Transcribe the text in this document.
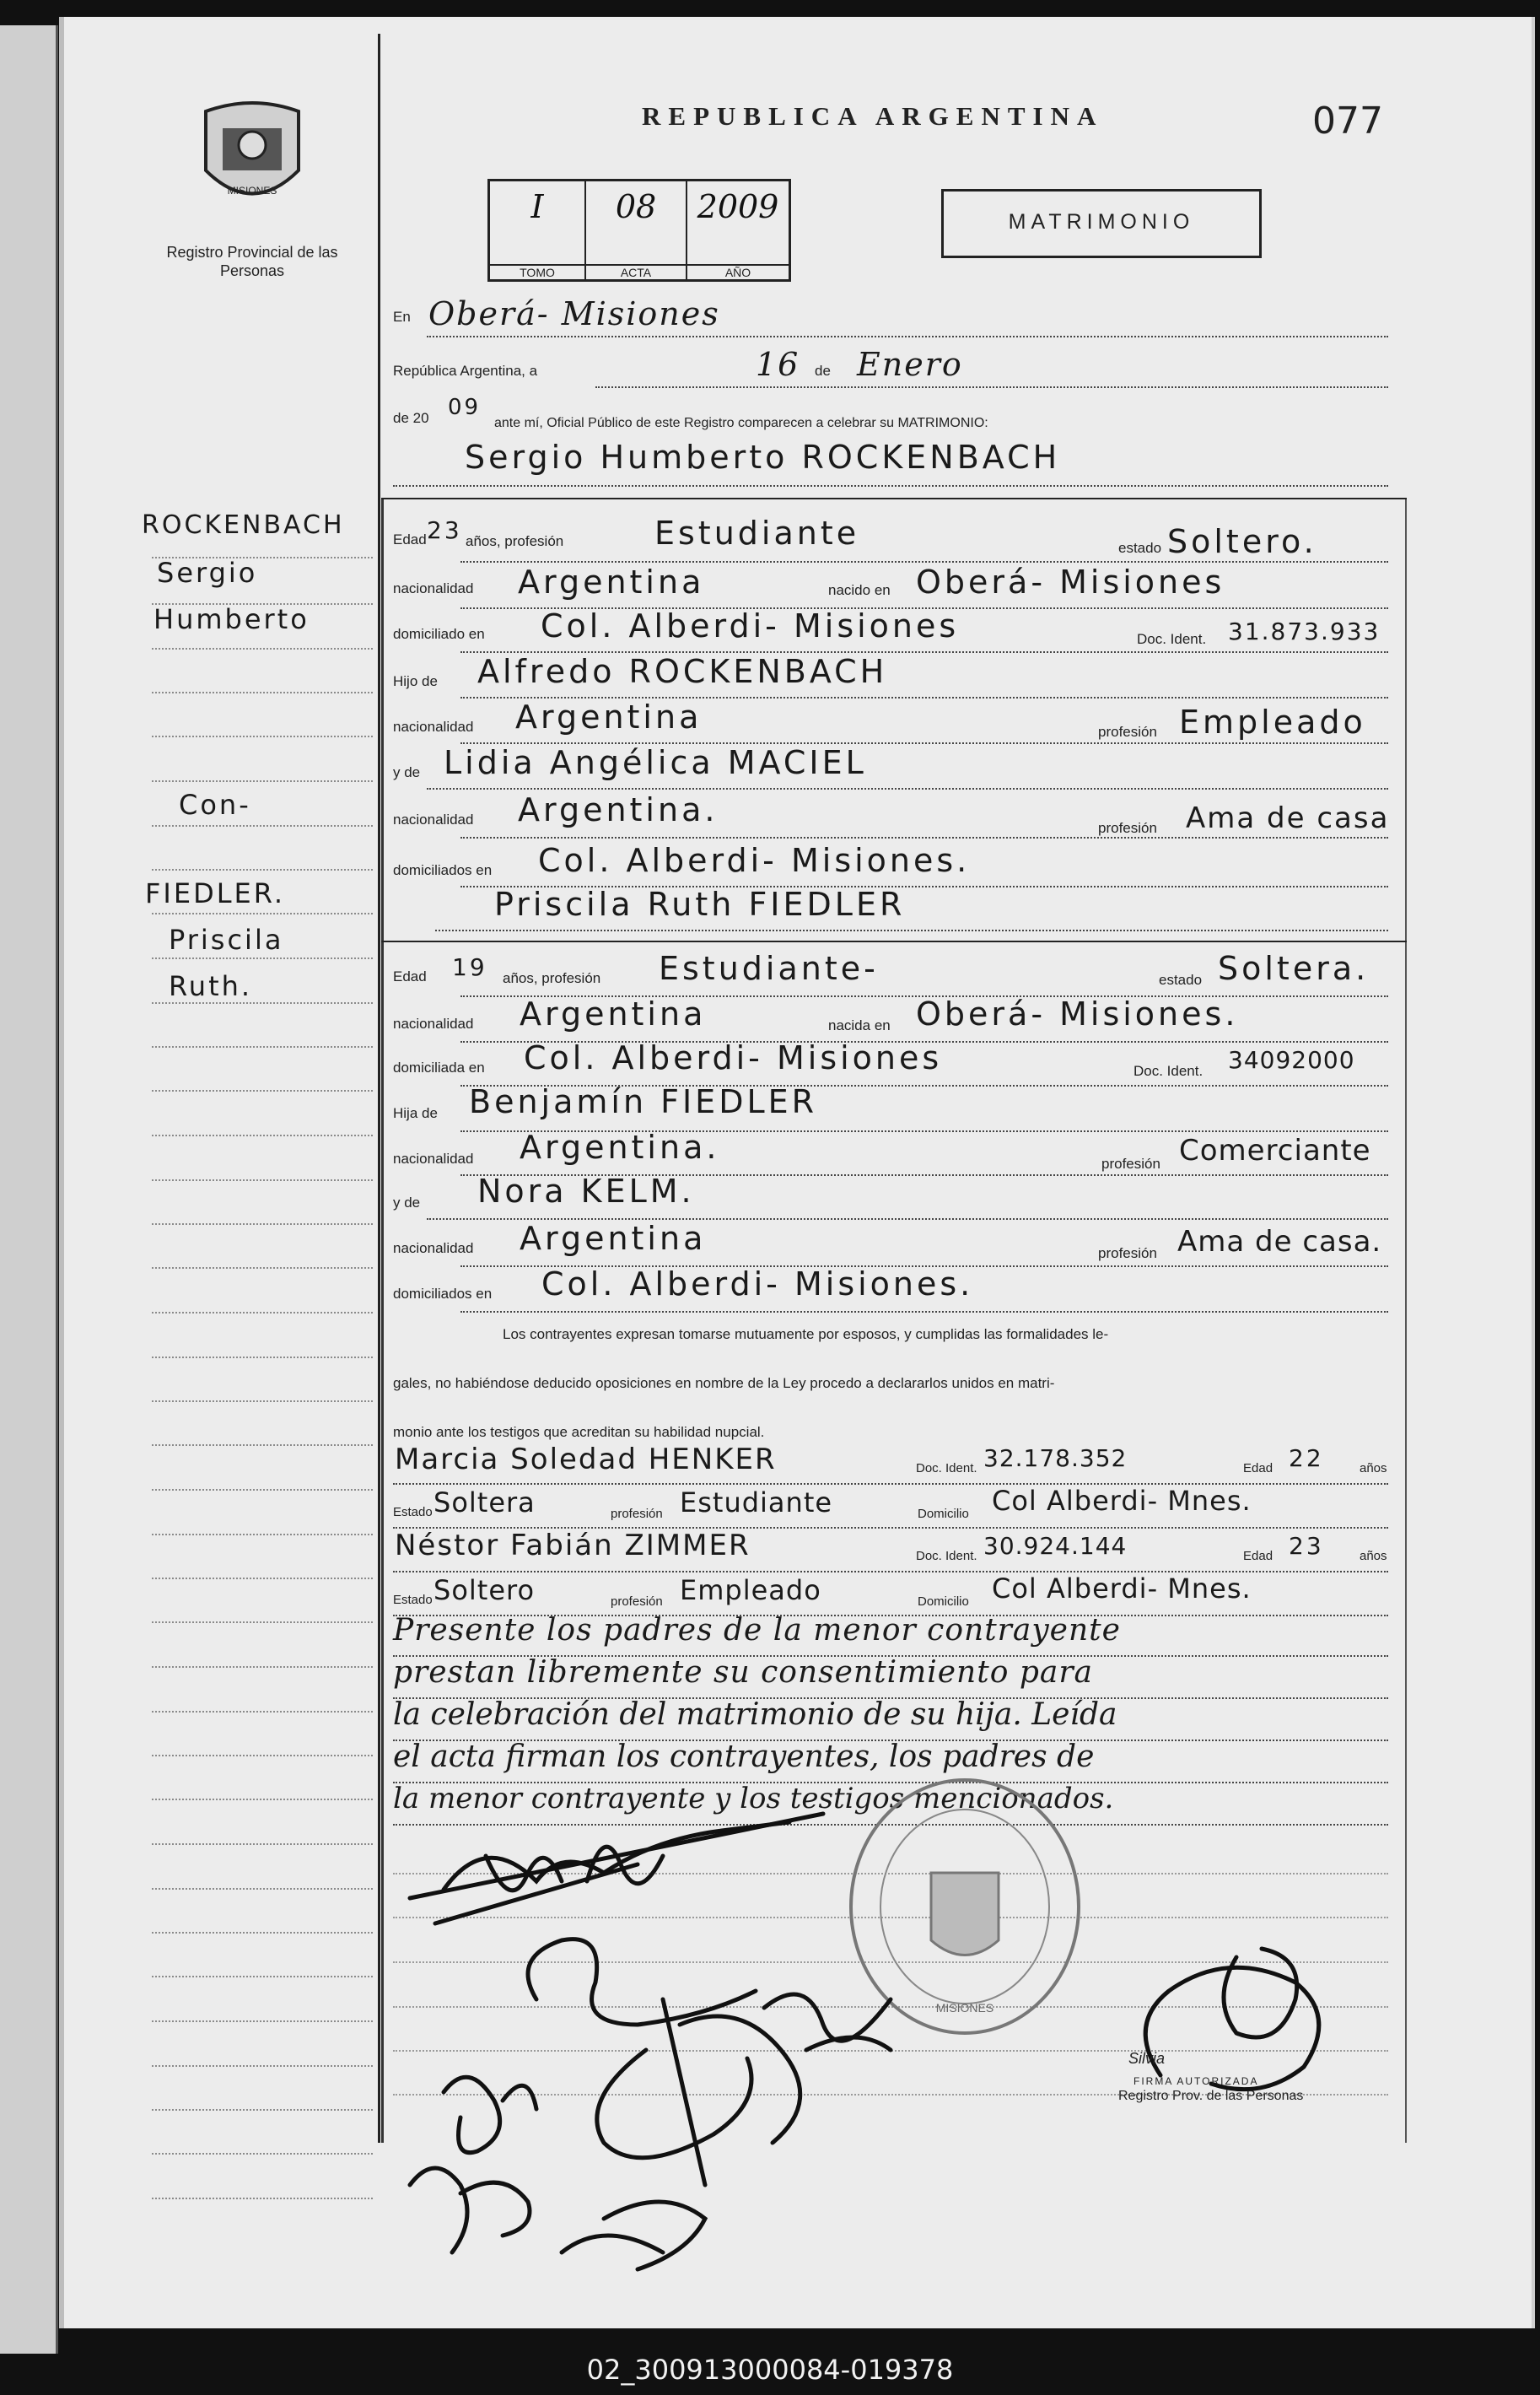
MISIONES
Registro Provincial de las Personas
REPUBLICA ARGENTINA	077
I
TOMO
08
ACTA
2009
AÑO
MATRIMONIO
ROCKENBACH
Sergio
Humberto
Con-
FIEDLER.
Priscila
Ruth.
En Oberá- Misiones
República Argentina, a	16 de Enero
de 20 09
ante mí, Oficial Público de este Registro comparecen a celebrar su MATRIMONIO:
Sergio Humberto ROCKENBACH
Edad 23 años, profesión	Estudiante	estado Soltero.
nacionalidad Argentina	nacido en Oberá- Misiones
domiciliado en Col. Alberdi- Misiones	Doc. Ident. 31.873.933
Hijo de Alfredo ROCKENBACH
nacionalidad Argentina	profesión Empleado
y de Lidia Angélica MACIEL
nacionalidad Argentina.	profesión Ama de casa
domiciliados en Col. Alberdi- Misiones.
Priscila Ruth FIEDLER
Edad 19 años, profesión Estudiante-	estado Soltera.
nacionalidad Argentina	nacida en Oberá- Misiones.
domiciliada en Col. Alberdi- Misiones	Doc. Ident. 34092000
Hija de Benjamín FIEDLER
nacionalidad Argentina.	profesión Comerciante
y de Nora KELM.
nacionalidad Argentina	profesión Ama de casa.
domiciliados en Col. Alberdi- Misiones.
Los contrayentes expresan tomarse mutuamente por esposos, y cumplidas las formalidades le-
gales, no habiéndose deducido oposiciones en nombre de la Ley procedo a declararlos unidos en matri-
monio ante los testigos que acreditan su habilidad nupcial.
Marcia Soledad HENKER	Doc. Ident. 32.178.352	Edad 22	años
Estado Soltera	profesión Estudiante	Domicilio Col Alberdi- Mnes.
Néstor Fabián ZIMMER	Doc. Ident. 30.924.144	Edad 23	años
Estado Soltero	profesión Empleado	Domicilio Col Alberdi- Mnes.
Presente los padres de la menor contrayente
prestan libremente su consentimiento para
la celebración del matrimonio de su hija. Leída
el acta firman los contrayentes, los padres de
la menor contrayente y los testigos mencionados.
MISIONES
Silvia
FIRMA AUTORIZADA
Registro Prov. de las Personas
02_300913000084-019378
